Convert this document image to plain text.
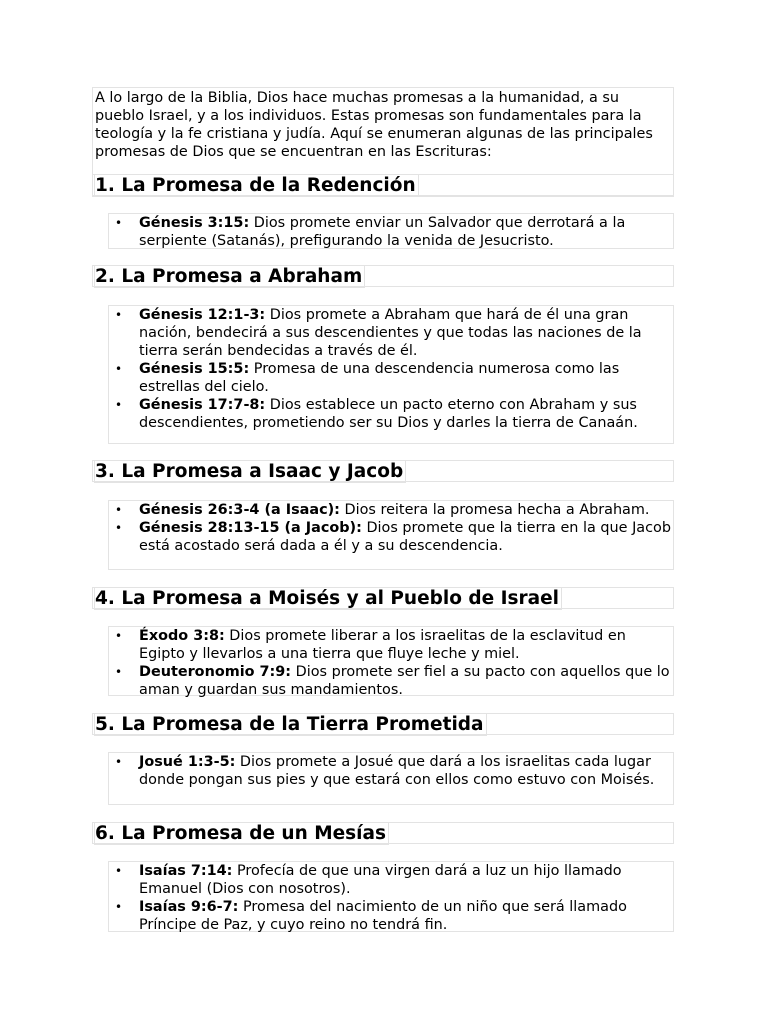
A lo largo de la Biblia, Dios hace muchas promesas a la humanidad, a su pueblo Israel, y a los individuos. Estas promesas son fundamentales para la teología y la fe cristiana y judía. Aquí se enumeran algunas de las principales promesas de Dios que se encuentran en las Escrituras:
1. La Promesa de la Redención
• Génesis 3:15: Dios promete enviar un Salvador que derrotará a la serpiente (Satanás), prefigurando la venida de Jesucristo.
2. La Promesa a Abraham
• Génesis 12:1-3: Dios promete a Abraham que hará de él una gran nación, bendecirá a sus descendientes y que todas las naciones de la tierra serán bendecidas a través de él.
• Génesis 15:5: Promesa de una descendencia numerosa como las estrellas del cielo.
• Génesis 17:7-8: Dios establece un pacto eterno con Abraham y sus descendientes, prometiendo ser su Dios y darles la tierra de Canaán.
3. La Promesa a Isaac y Jacob
• Génesis 26:3-4 (a Isaac): Dios reitera la promesa hecha a Abraham.
• Génesis 28:13-15 (a Jacob): Dios promete que la tierra en la que Jacob está acostado será dada a él y a su descendencia.
4. La Promesa a Moisés y al Pueblo de Israel
• Éxodo 3:8: Dios promete liberar a los israelitas de la esclavitud en Egipto y llevarlos a una tierra que fluye leche y miel.
• Deuteronomio 7:9: Dios promete ser fiel a su pacto con aquellos que lo aman y guardan sus mandamientos.
5. La Promesa de la Tierra Prometida
• Josué 1:3-5: Dios promete a Josué que dará a los israelitas cada lugar donde pongan sus pies y que estará con ellos como estuvo con Moisés.
6. La Promesa de un Mesías
• Isaías 7:14: Profecía de que una virgen dará a luz un hijo llamado Emanuel (Dios con nosotros).
• Isaías 9:6-7: Promesa del nacimiento de un niño que será llamado Príncipe de Paz, y cuyo reino no tendrá fin.
